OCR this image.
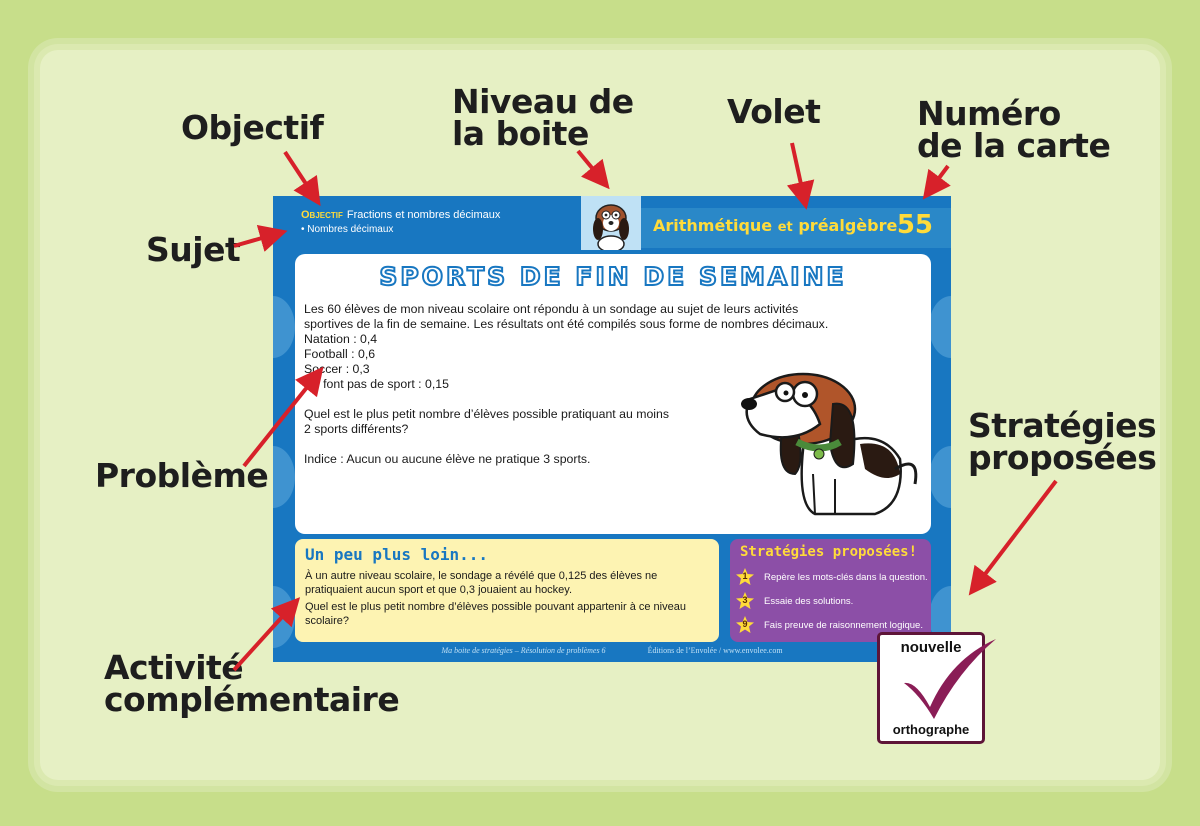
Objectif
Niveau de
la boite
Volet	Numéro
de la carte
Sujet
Problème
Stratégies
proposées
Activité
complémentaire
Objectif Fractions et nombres décimaux
• Nombres décimaux	Arithmétique et préalgèbre 55
SPORTS DE FIN DE SEMAINE

Les 60 élèves de mon niveau scolaire ont répondu à un sondage au sujet de leurs activités

sportives de la fin de semaine. Les résultats ont été compilés sous forme de nombres décimaux.

Natation : 0,4

Football : 0,6

Soccer : 0,3

Ne font pas de sport : 0,15

Quel est le plus petit nombre d’élèves possible pratiquant au moins

2 sports différents?

Indice : Aucun ou aucune élève ne pratique 3 sports.

Un peu plus loin...

À un autre niveau scolaire, le sondage a révélé que 0,125 des élèves ne pratiquaient aucun sport et que 0,3 jouaient au hockey.

Quel est le plus petit nombre d’élèves possible pouvant appartenir à ce niveau scolaire?

Stratégies proposées!
1	Repère les mots-clés dans la question.
3	Essaie des solutions.
9	Fais preuve de raisonnement logique.
Ma boite de stratégies – Résolution de problèmes 6	Éditions de l’Envolée / www.envolee.com	nouvelle
orthographe
